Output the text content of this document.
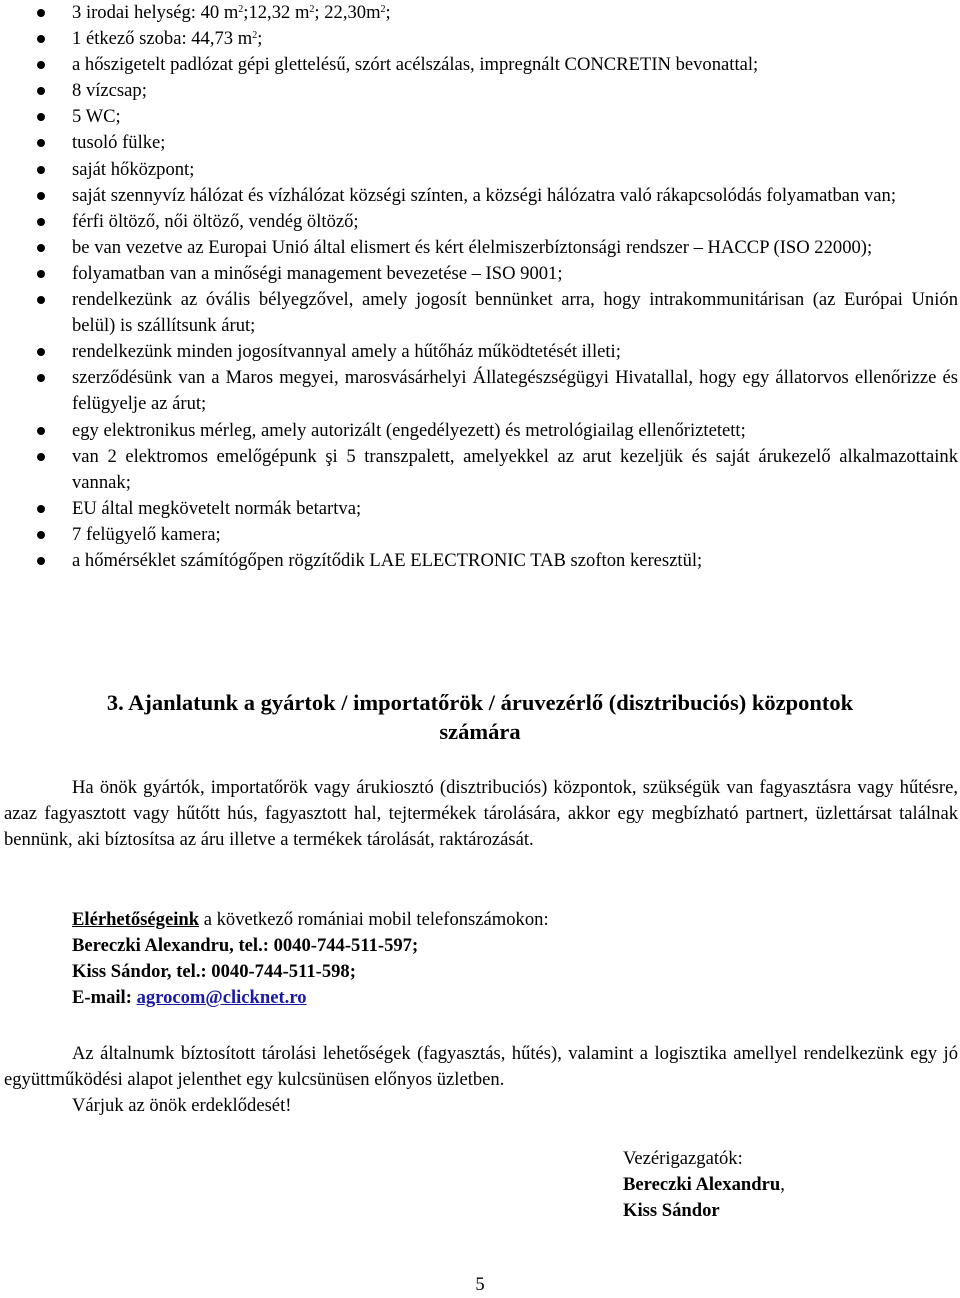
3 irodai helység: 40 $m^2;12,32$ $m^2$; $22,30m^2$;
1 étkező szoba: 44,73 $m^2$;
a hőszigetelt padlózat gépi glettelésű, szórt acélszálas, impregnált CONCRETIN bevonattal;
8 vízcsap;
5 WC;
tusoló fülke;
saját hőközpont;
saját szennyvíz hálózat és vízhálózat községi színten, a községi hálózatra való rákapcsolódás folyamatban van;
férfi öltöző, női öltöző, vendég öltöző;
be van vezetve az Europai Unió által elismert és kért élelmiszerbíztonsági rendszer – HACCP (ISO 22000);
folyamatban van a minőségi management bevezetése – ISO 9001;
rendelkezünk az óvális bélyegzővel, amely jogosít bennünket arra, hogy intrakommunitárisan (az Európai Unión belül) is szállítsunk árut;
rendelkezünk minden jogosítvannyal amely a hűtőház működtetését illeti;
szerződésünk van a Maros megyei, marosvásárhelyi Állategészségügyi Hivatallal, hogy egy állatorvos ellenőrizze és felügyelje az árut;
egy elektronikus mérleg, amely autorizált (engedélyezett) és metrológiailag ellenőriztetett;
van 2 elektromos emelőgépunk şi 5 transzpalett, amelyekkel az arut kezeljük és saját árukezelő alkalmazottaink vannak;
EU által megkövetelt normák betartva;
7 felügyelő kamera;
a hőmérséklet számítógőpen rögzítődik LAE ELECTRONIC TAB szofton keresztül;
3. Ajanlatunk a gyártok / importatőrök / áruvezérlő (disztribuciós) központok
számára

Ha önök gyártók, importatőrök vagy árukiosztó (disztribuciós) központok, szükségük van fagyasztásra vagy hűtésre, azaz fagyasztott vagy hűtőtt hús, fagyasztott hal, tejtermékek tárolására, akkor egy megbízható partnert, üzlettársat találnak bennünk, aki bíztosítsa az áru illetve a termékek tárolását, raktározását.

Elérhetőségeink a következő romániai mobil telefonszámokon:
Bereczki Alexandru, tel.: 0040-744-511-597;
Kiss Sándor, tel.: 0040-744-511-598;
E-mail: agrocom@clicknet.ro

Az általnumk bíztosított tárolási lehetőségek (fagyasztás, hűtés), valamint a logisztika amellyel rendelkezünk egy jó együttműködési alapot jelenthet egy kulcsünüsen előnyos üzletben.

Várjuk az önök erdeklődesét!

Vezérigazgatók:
Bereczki Alexandru,
Kiss Sándor
5
